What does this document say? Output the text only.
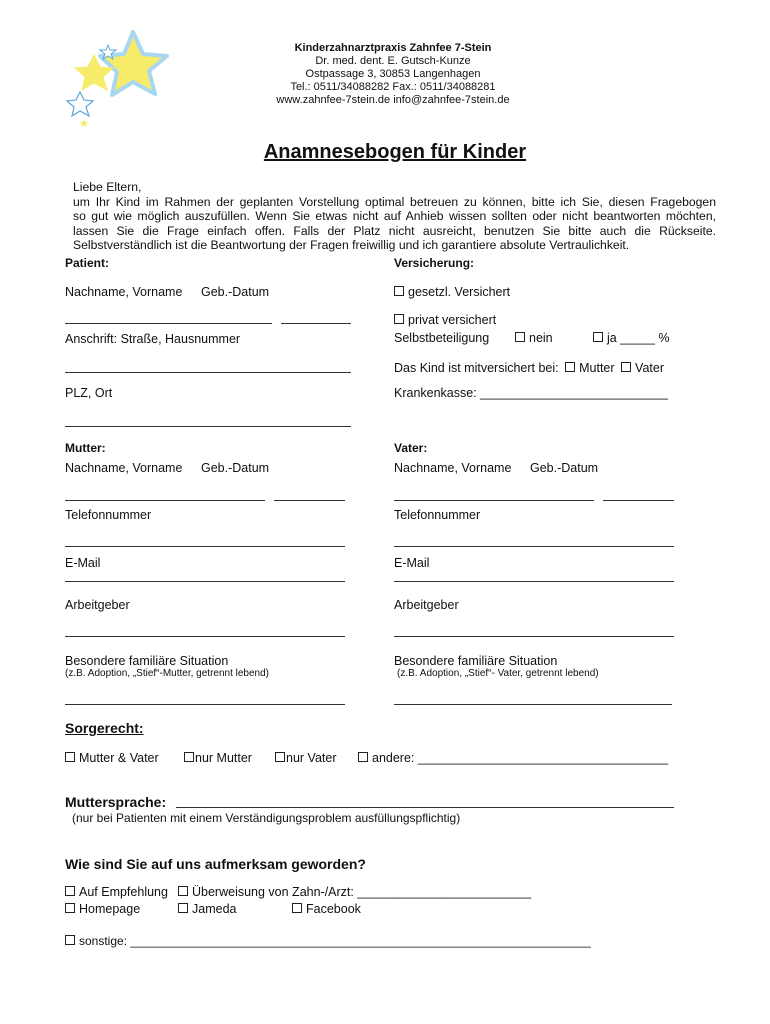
Kinderzahnarztpraxis Zahnfee 7-Stein
Dr. med. dent. E. Gutsch-Kunze
Ostpassage 3, 30853 Langenhagen
Tel.: 0511/34088282 Fax.: 0511/34088281
www.zahnfee-7stein.de info@zahnfee-7stein.de
Anamnesebogen für Kinder
Liebe Eltern,
um Ihr Kind im Rahmen der geplanten Vorstellung optimal betreuen zu können, bitte ich Sie, diesen Fragebogen
so gut wie möglich auszufüllen. Wenn Sie etwas nicht auf Anhieb wissen sollten oder nicht beantworten möchten,
lassen Sie die Frage einfach offen. Falls der Platz nicht ausreicht, benutzen Sie bitte auch die Rückseite.
Selbstverständlich ist die Beantwortung der Fragen freiwillig und ich garantiere absolute Vertraulichkeit.
Patient:
Nachname, Vorname Geb.-Datum
Anschrift: Straße, Hausnummer
PLZ, Ort
Versicherung:
gesetzl. Versichert
privat versichert
Selbstbeteiligung	nein	ja _____ %
Das Kind ist mitversichert bei: Mutter Vater
Krankenkasse: ___________________________
Mutter:
Nachname, Vorname Geb.-Datum
Telefonnummer
E-Mail
Arbeitgeber
Besondere familiäre Situation
(z.B. Adoption, „Stief“-Mutter, getrennt lebend)
Vater:
Nachname, Vorname Geb.-Datum
Telefonnummer
E-Mail
Arbeitgeber
Besondere familiäre Situation
(z.B. Adoption, „Stief“- Vater, getrennt lebend)
Sorgerecht:
Mutter & Vater	nur Mutter	nur Vater	andere: ____________________________________
Muttersprache:
(nur bei Patienten mit einem Verständigungsproblem ausfüllungspflichtig)
Wie sind Sie auf uns aufmerksam geworden?
Auf Empfehlung	Überweisung von Zahn-/Arzt: _________________________
Homepage	Jameda	Facebook
sonstige: _____________________________________________________________________
